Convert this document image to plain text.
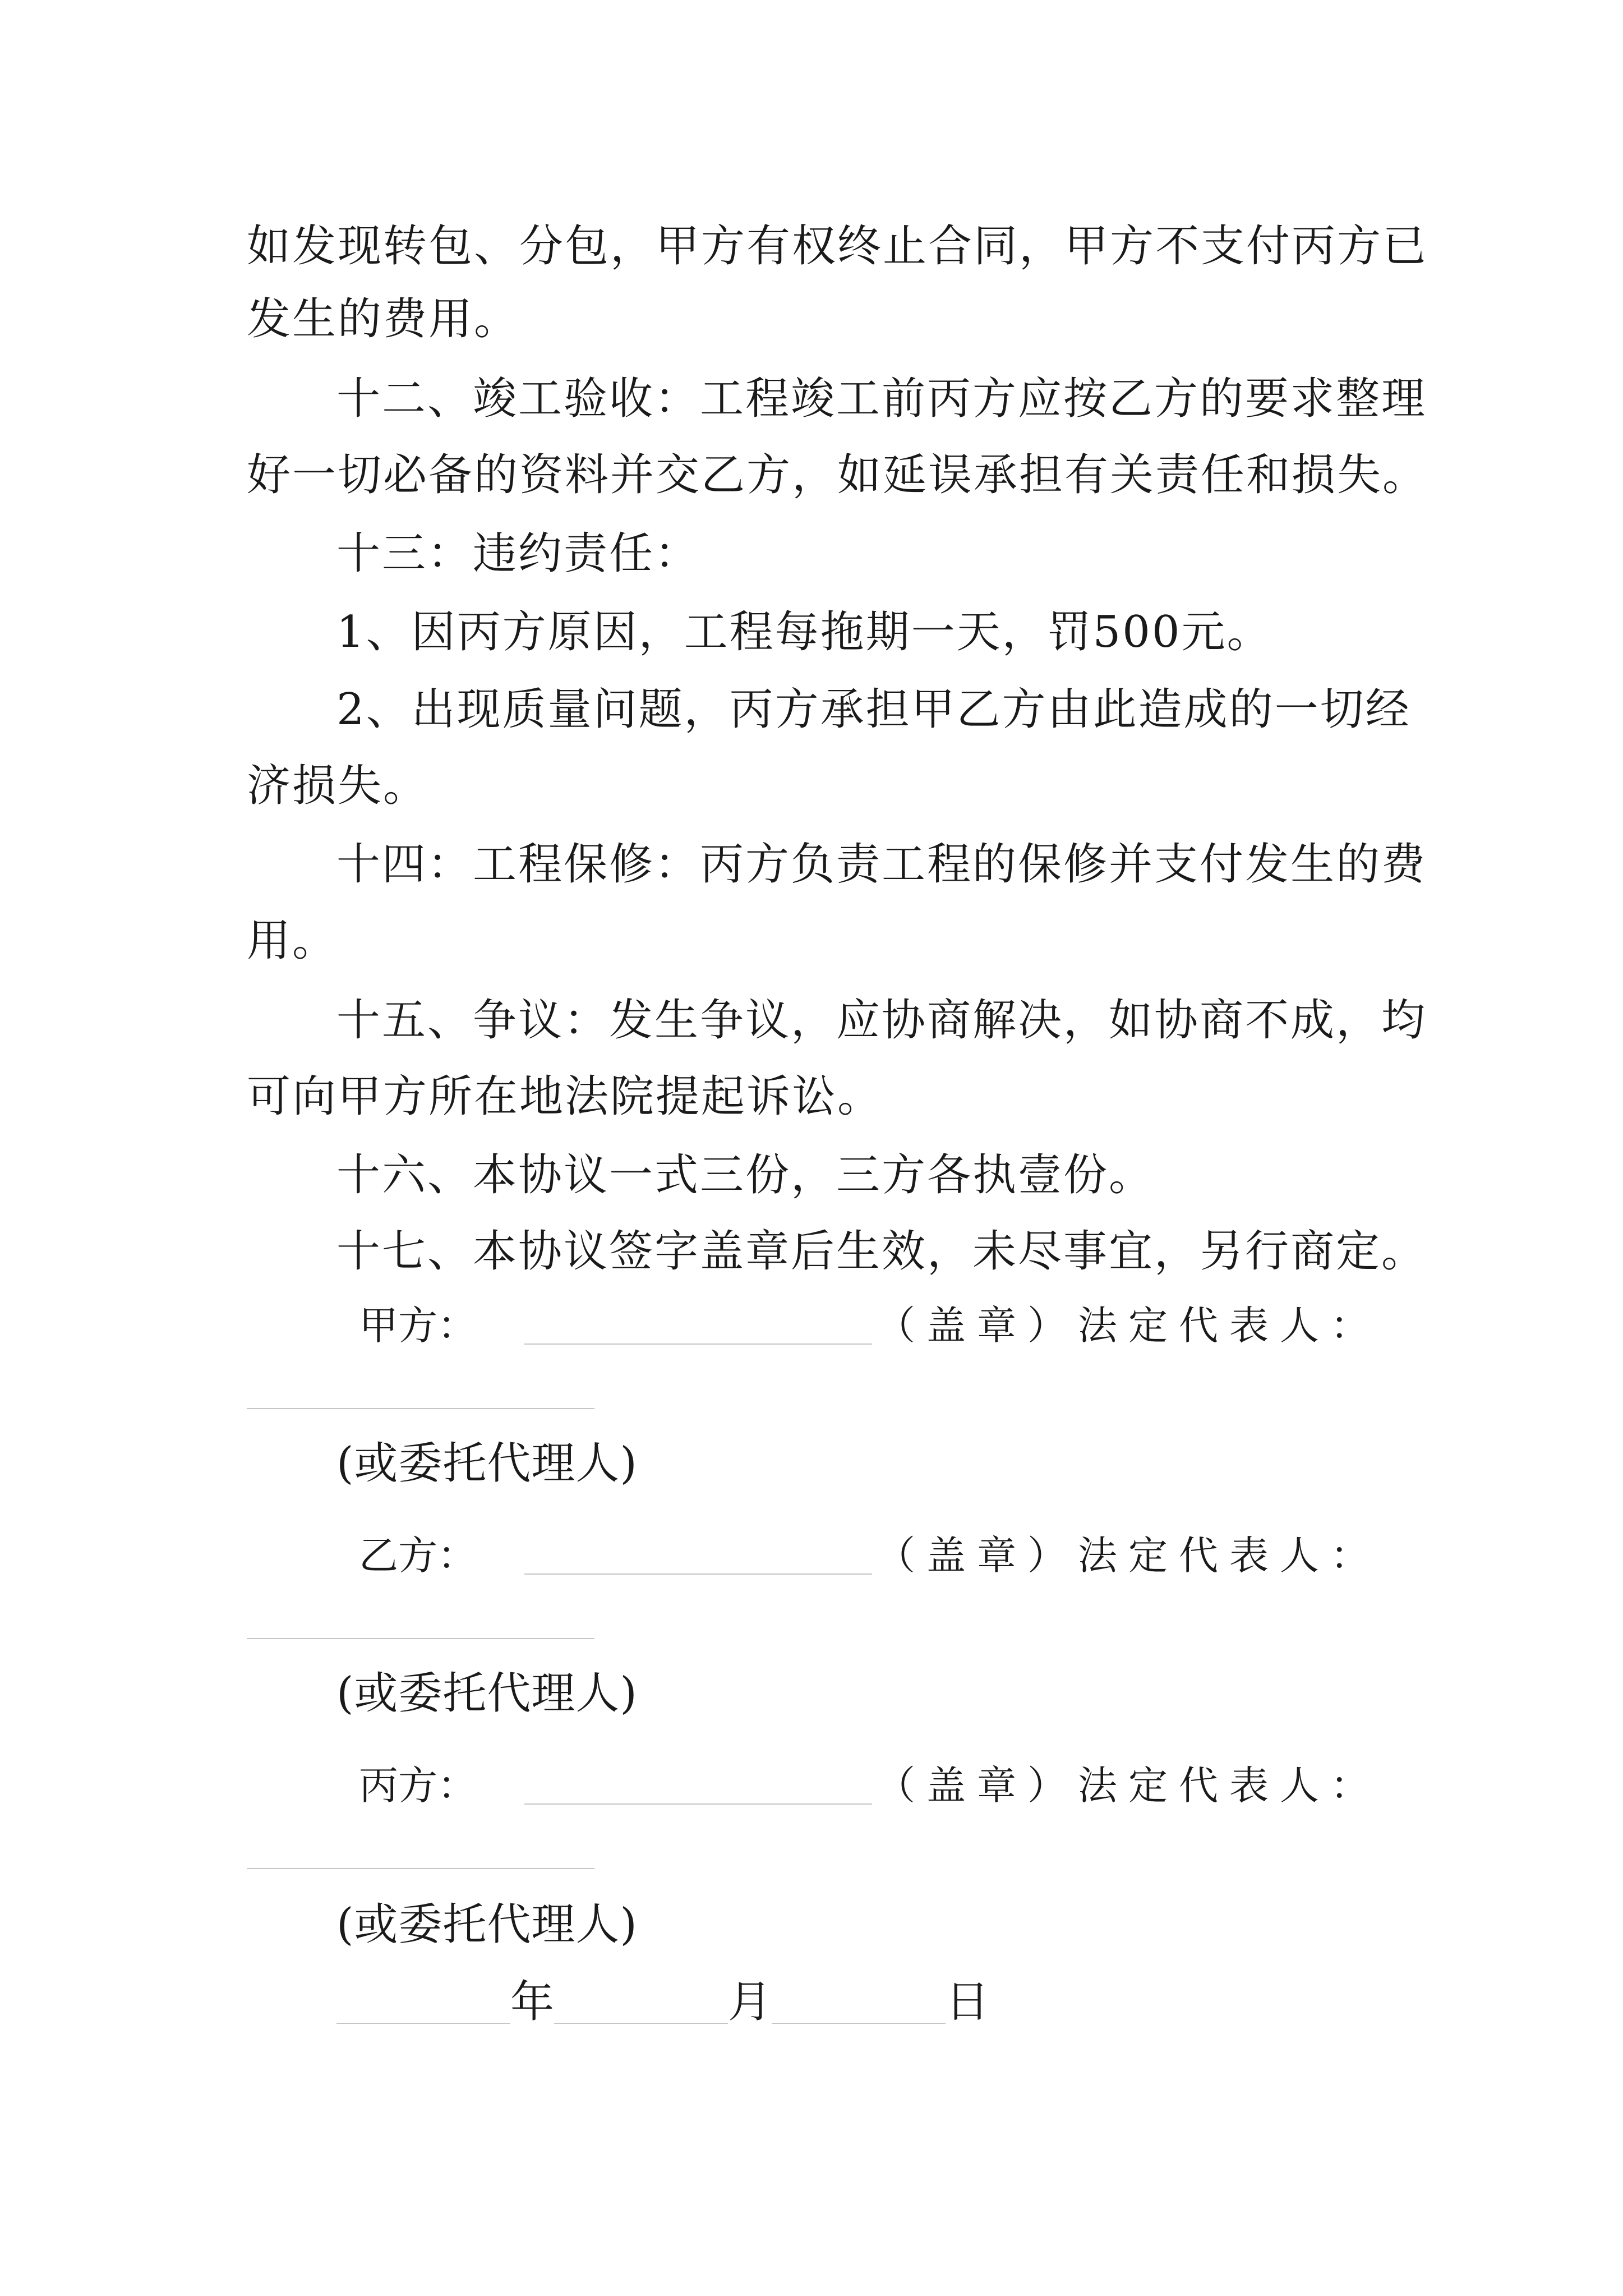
如发现转包、分包，甲方有权终止合同，甲方不支付丙方已
发生的费用。
十二、竣工验收：工程竣工前丙方应按乙方的要求整理
好一切必备的资料并交乙方，如延误承担有关责任和损失。
十三：违约责任：
1、因丙方原因，工程每拖期一天，罚500元。
2、出现质量问题，丙方承担甲乙方由此造成的一切经
济损失。
十四：工程保修：丙方负责工程的保修并支付发生的费
用。
十五、争议：发生争议，应协商解决，如协商不成，均
可向甲方所在地法院提起诉讼。
十六、本协议一式三份，三方各执壹份。
十七、本协议签字盖章后生效，未尽事宜，另行商定。
甲 方 ：	（ 盖 章 ） 法 定 代 表 人 ：
(或委托代理人)
乙 方 ：	（ 盖 章 ） 法 定 代 表 人 ：
(或委托代理人)
丙 方 ：	（ 盖 章 ） 法 定 代 表 人 ：
(或委托代理人)
年	月	日
